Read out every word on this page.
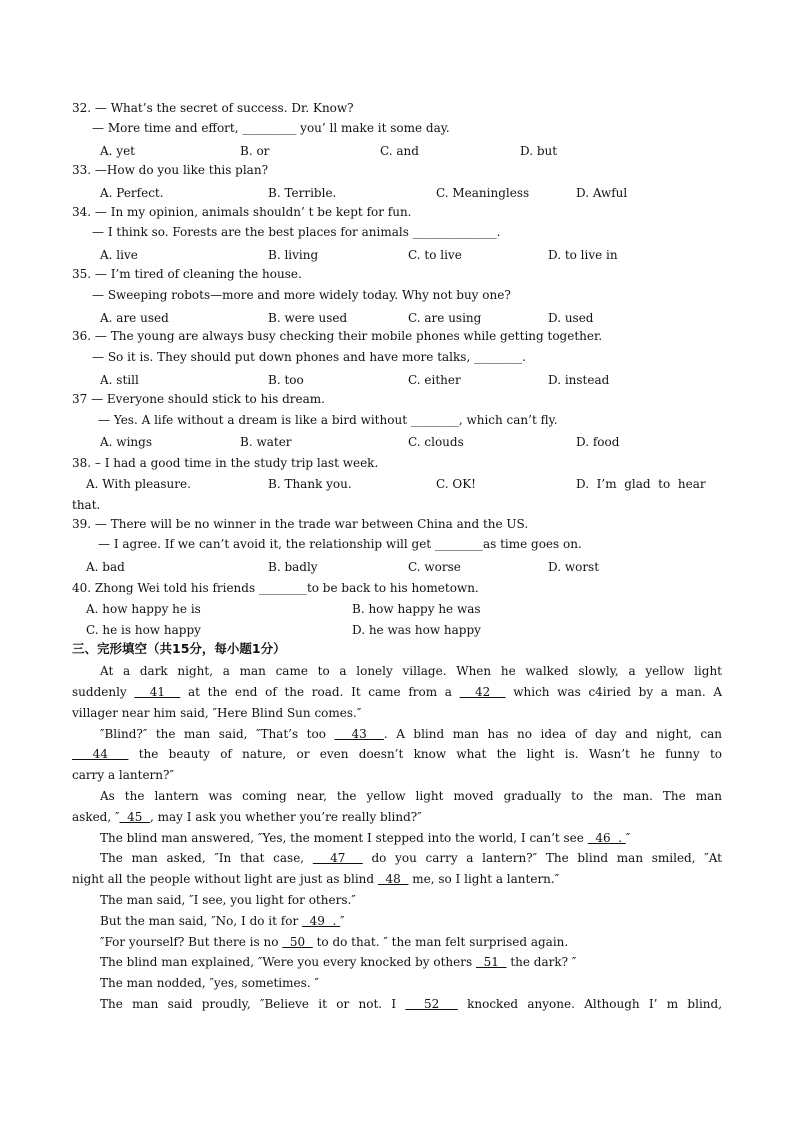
32. — What’s the secret of success. Dr. Know?
— More time and effort, _________ you’ ll make it some day.
A. yet	B. or	C. and	D. but
33. —How do you like this plan?
A. Perfect.	B. Terrible.	C. Meaningless	D. Awful
34. — In my opinion, animals shouldn’ t be kept for fun.
— I think so. Forests are the best places for animals ______________.
A. live	B. living	C. to live	D. to live in
35. — I’m tired of cleaning the house.
— Sweeping robots—more and more widely today. Why not buy one?
A. are used	B. were used	C. are using	D. used
36. — The young are always busy checking their mobile phones while getting together.
— So it is. They should put down phones and have more talks, ________.
A. still	B. too	C. either	D. instead
37 — Everyone should stick to his dream.
— Yes. A life without a dream is like a bird without ________, which can’t fly.
A. wings	B. water	C. clouds	D. food
38. – I had a good time in the study trip last week.
A. With pleasure.	B. Thank you.	C. OK!	D.  I’m  glad  to  hear
that.
39. — There will be no winner in the trade war between China and the US.
— I agree. If we can’t avoid it, the relationship will get ________as time goes on.
A. bad	B. badly	C. worse	D. worst
40. Zhong Wei told his friends ________to be back to his hometown.
A. how happy he is	B. how happy he was
C. he is how happy	D. he was how happy
三、完形填空（共15分，每小题1分）
At a dark night, a man came to a lonely village. When he walked slowly, a yellow light
suddenly   41   at the end of the road. It came from a   42   which was c4iried by a man. A
villager near him said, ″Here Blind Sun comes.″
″Blind?″ the man said, ″That’s too   43  . A blind man has no idea of day and night, can
44   the beauty of nature, or even doesn’t know what the light is. Wasn’t he funny to
carry a lantern?″
As the lantern was coming near, the yellow light moved gradually to the man. The man
asked, ″  45  , may I ask you whether you’re really blind?″
The blind man answered, ″Yes, the moment I stepped into the world, I can’t see   46  . ″
The man asked, ″In that case,   47   do you carry a lantern?″ The blind man smiled, ″At
night all the people without light are just as blind   48   me, so I light a lantern.″
The man said, ″I see, you light for others.″
But the man said, ″No, I do it for   49  . ″
″For yourself? But there is no   50   to do that. ″ the man felt surprised again.
The blind man explained, ″Were you every knocked by others   51   the dark? ″
The man nodded, ″yes, sometimes. ″
The man said proudly, ″Believe it or not. I   52   knocked anyone. Although I’ m blind,
